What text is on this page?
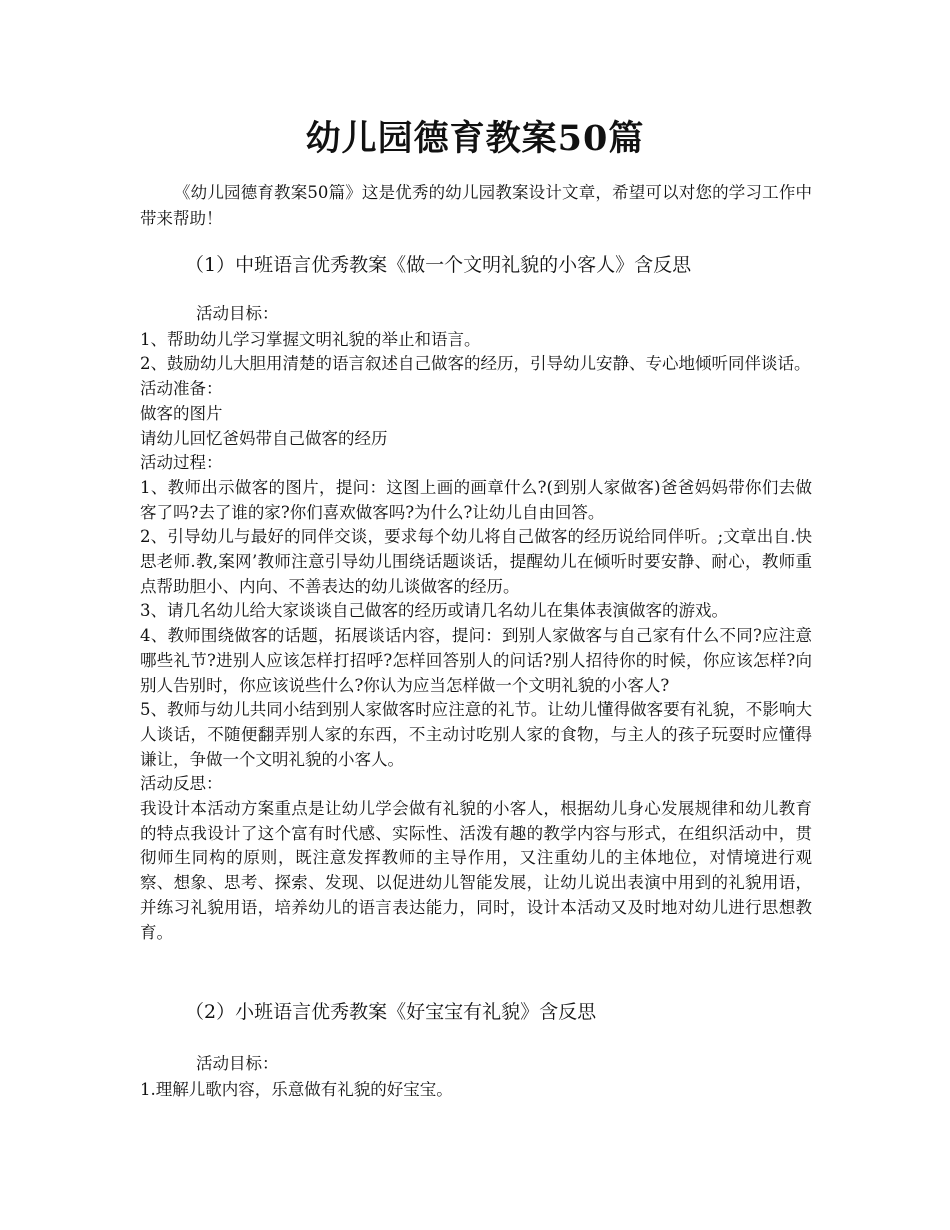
幼儿园德育教案50篇

《幼儿园德育教案50篇》这是优秀的幼儿园教案设计文章，希望可以对您的学习工作中带来帮助！

（1）中班语言优秀教案《做一个文明礼貌的小客人》含反思

活动目标：

1、帮助幼儿学习掌握文明礼貌的举止和语言。

2、鼓励幼儿大胆用清楚的语言叙述自己做客的经历，引导幼儿安静、专心地倾听同伴谈话。

活动准备：

做客的图片

请幼儿回忆爸妈带自己做客的经历

活动过程：

1、教师出示做客的图片，提问：这图上画的画章什么?(到别人家做客)爸爸妈妈带你们去做客了吗?去了谁的家?你们喜欢做客吗?为什么?让幼儿自由回答。

2、引导幼儿与最好的同伴交谈，要求每个幼儿将自己做客的经历说给同伴听。;文章出自.快思老师.教,案网’教师注意引导幼儿围绕话题谈话，提醒幼儿在倾听时要安静、耐心，教师重点帮助胆小、内向、不善表达的幼儿谈做客的经历。

3、请几名幼儿给大家谈谈自己做客的经历或请几名幼儿在集体表演做客的游戏。

4、教师围绕做客的话题，拓展谈话内容，提问：到别人家做客与自己家有什么不同?应注意哪些礼节?进别人应该怎样打招呼?怎样回答别人的问话?别人招待你的时候，你应该怎样?向别人告别时，你应该说些什么?你认为应当怎样做一个文明礼貌的小客人?

5、教师与幼儿共同小结到别人家做客时应注意的礼节。让幼儿懂得做客要有礼貌，不影响大人谈话，不随便翻弄别人家的东西，不主动讨吃别人家的食物，与主人的孩子玩耍时应懂得谦让，争做一个文明礼貌的小客人。

活动反思：

我设计本活动方案重点是让幼儿学会做有礼貌的小客人，根据幼儿身心发展规律和幼儿教育的特点我设计了这个富有时代感、实际性、活泼有趣的教学内容与形式，在组织活动中，贯彻师生同构的原则，既注意发挥教师的主导作用，又注重幼儿的主体地位，对情境进行观察、想象、思考、探索、发现、以促进幼儿智能发展，让幼儿说出表演中用到的礼貌用语，并练习礼貌用语，培养幼儿的语言表达能力，同时，设计本活动又及时地对幼儿进行思想教育。

（2）小班语言优秀教案《好宝宝有礼貌》含反思

活动目标：

1.理解儿歌内容，乐意做有礼貌的好宝宝。
